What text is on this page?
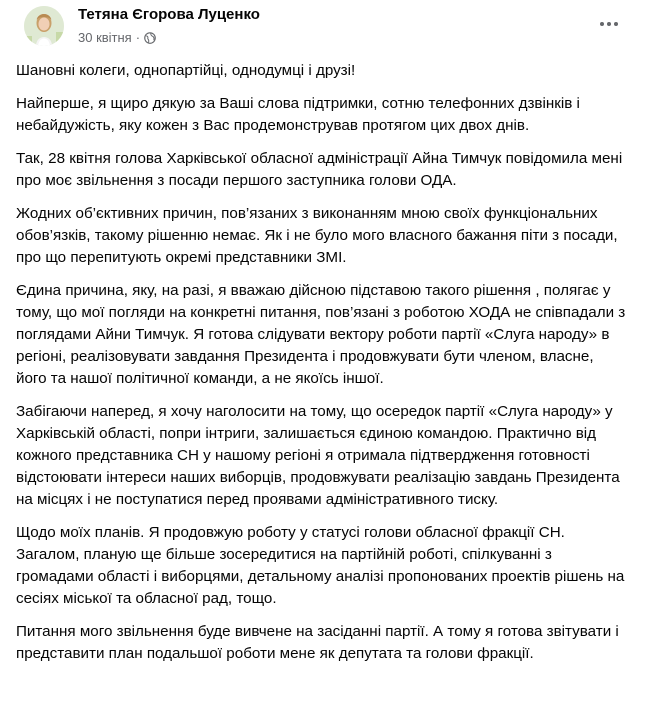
Тетяна Єгорова Луценко
30 квітня ·

Шановні колеги, однопартійці, однодумці і друзі!

Найперше, я щиро дякую за Ваші слова підтримки, сотню телефонних дзвінків і небайдужість, яку кожен з Вас продемонстрував протягом цих двох днів.

Так, 28 квітня голова Харківської обласної адміністрації Айна Тимчук повідомила мені про моє звільнення з посади першого заступника голови ОДА.

Жодних об’єктивних причин, пов’язаних з виконанням мною своїх функціональних обов’язків, такому рішенню немає. Як і не було мого власного бажання піти з посади, про що перепитують окремі представники ЗМІ.

Єдина причина, яку, на разі, я вважаю дійсною підставою такого рішення , полягає у тому, що мої погляди на конкретні питання, пов’язані з роботою ХОДА не співпадали з поглядами Айни Тимчук. Я готова слідувати вектору роботи партії «Слуга народу» в регіоні, реалізовувати завдання Президента і продовжувати бути членом, власне, його та нашої політичної команди, а не якоїсь іншої.

Забігаючи наперед, я хочу наголосити на тому, що осередок партії «Слуга народу» у Харківській області, попри інтриги, залишається єдиною командою. Практично від кожного представника СН у нашому регіоні я отримала підтвердження готовності відстоювати інтереси наших виборців, продовжувати реалізацію завдань Президента на місцях і не поступатися перед проявами адміністративного тиску.

Щодо моїх планів. Я продовжую роботу у статусі голови обласної фракції СН. Загалом, планую ще більше зосередитися на партійній роботі, спілкуванні з громадами області і виборцями, детальному аналізі пропонованих проектів рішень на сесіях міської та обласної рад, тощо.

Питання мого звільнення буде вивчене на засіданні партії. А тому я готова звітувати і представити план подальшої роботи мене як депутата та голови фракції.
